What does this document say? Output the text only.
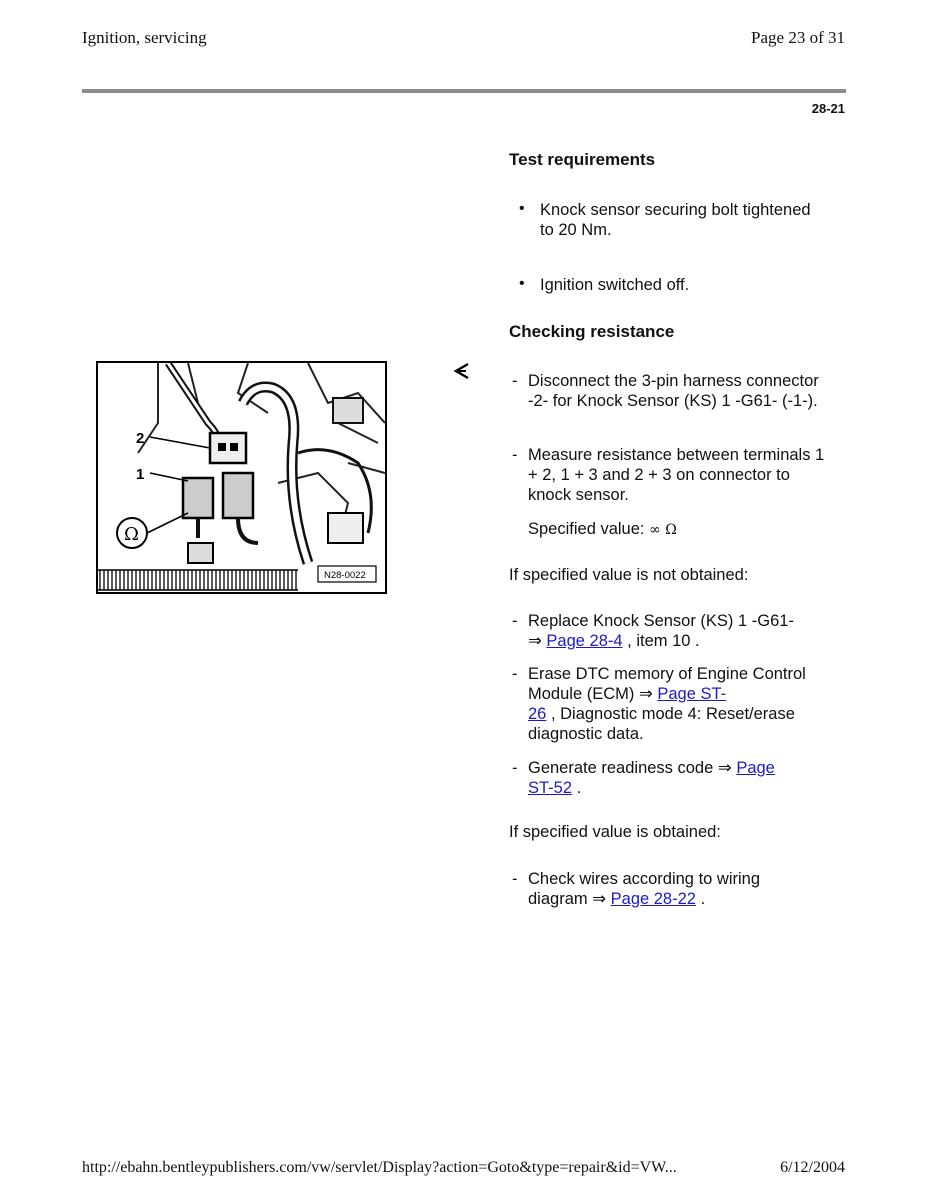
Ignition, servicing	Page 23 of 31
28-21
Test requirements
• Knock sensor securing bolt tightened to 20 Nm.
• Ignition switched off.
Checking resistance
- Disconnect the 3-pin harness connector -2- for Knock Sensor (KS) 1 -G61- (-1-).
- Measure resistance between terminals 1 + 2, 1 + 3 and 2 + 3 on connector to knock sensor.
Specified value: ∞ Ω
2
1
Ω
N28-0022	If specified value is not obtained:
- Replace Knock Sensor (KS) 1 -G61-
⇒ Page 28-4 , item 10 .
- Erase DTC memory of Engine Control Module (ECM) ⇒ Page ST-
26 , Diagnostic mode 4: Reset/erase diagnostic data.
- Generate readiness code ⇒ Page
ST-52 .
If specified value is obtained:
- Check wires according to wiring
diagram ⇒ Page 28-22 .
http://ebahn.bentleypublishers.com/vw/servlet/Display?action=Goto&type=repair&id=VW...	6/12/2004
